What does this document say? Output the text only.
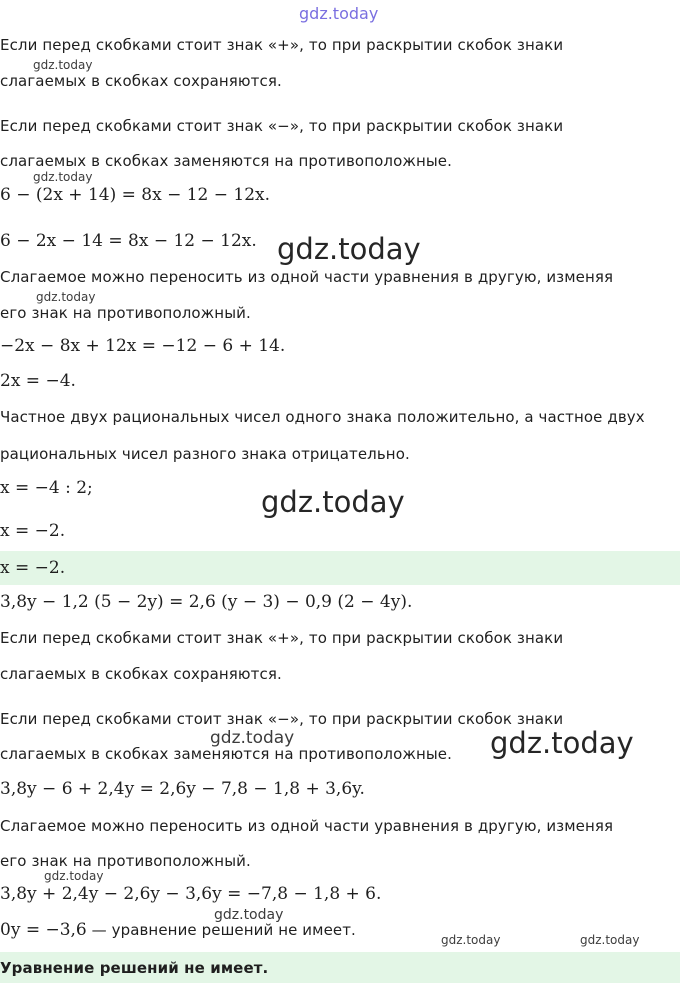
gdz.today
gdz.today
gdz.today
gdz.today
gdz.today
gdz.today
gdz.today
gdz.today
gdz.today
gdz.today
gdz.today	gdz.today
Если перед скобками стоит знак «+», то при раскрытии скобок знаки
слагаемых в скобках сохраняются.
Если перед скобками стоит знак «−», то при раскрытии скобок знаки
слагаемых в скобках заменяются на противоположные.
6 − (2x + 14) = 8x − 12 − 12x.
6 − 2x − 14 = 8x − 12 − 12x.
Слагаемое можно переносить из одной части уравнения в другую, изменяя
его знак на противоположный.
−2x − 8x + 12x = −12 − 6 + 14.
2x = −4.
Частное двух рациональных чисел одного знака положительно, а частное двух
рациональных чисел разного знака отрицательно.
x = −4 : 2;
x = −2.
x = −2.
3,8y − 1,2 (5 − 2y) = 2,6 (y − 3) − 0,9 (2 − 4y).
Если перед скобками стоит знак «+», то при раскрытии скобок знаки
слагаемых в скобках сохраняются.
Если перед скобками стоит знак «−», то при раскрытии скобок знаки
слагаемых в скобках заменяются на противоположные.
3,8y − 6 + 2,4y = 2,6y − 7,8 − 1,8 + 3,6y.
Слагаемое можно переносить из одной части уравнения в другую, изменяя
его знак на противоположный.
3,8y + 2,4y − 2,6y − 3,6y = −7,8 − 1,8 + 6.
0y = −3,6 — уравнение решений не имеет.
Уравнение решений не имеет.
